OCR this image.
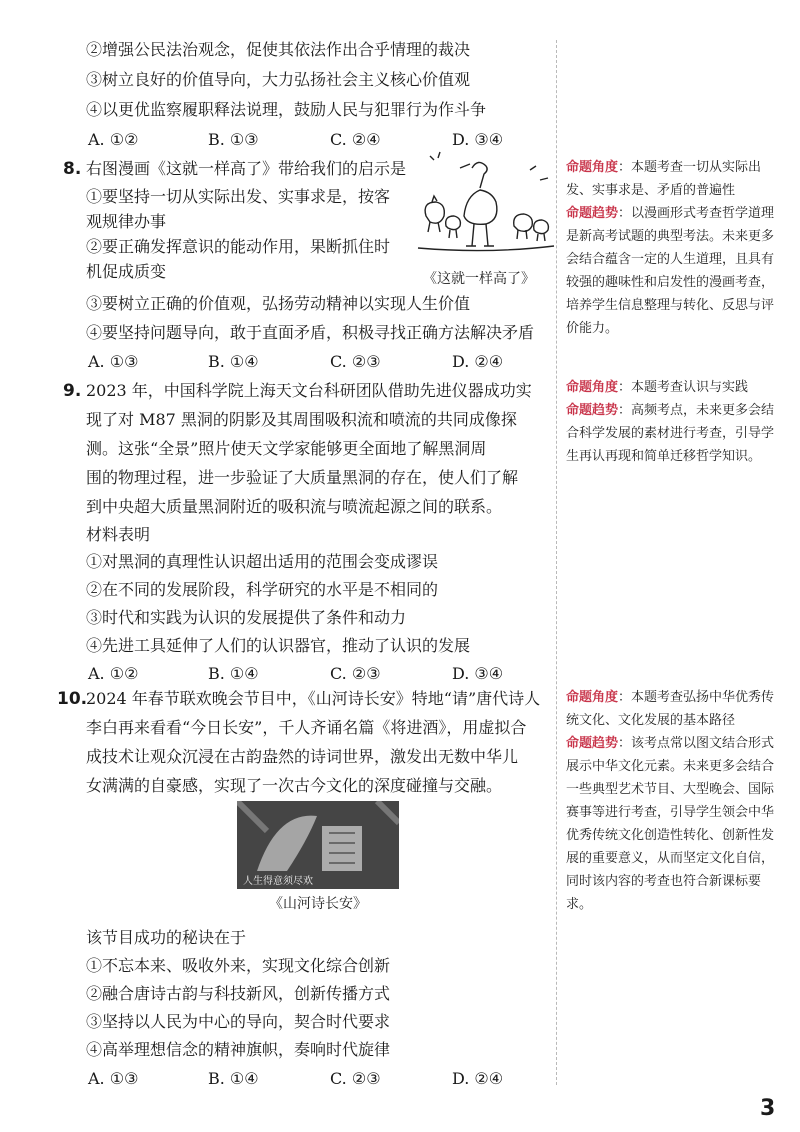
②增强公民法治观念，促使其依法作出合乎情理的裁决
③树立良好的价值导向，大力弘扬社会主义核心价值观
④以更优监察履职释法说理，鼓励人民与犯罪行为作斗争
A. ①②	B. ①③	C. ②④	D. ③④
8. 右图漫画《这就一样高了》带给我们的启示是
①要坚持一切从实际出发、实事求是，按客
观规律办事
②要正确发挥意识的能动作用，果断抓住时
机促成质变
③要树立正确的价值观，弘扬劳动精神以实现人生价值
④要坚持问题导向，敢于直面矛盾，积极寻找正确方法解决矛盾
A. ①③	B. ①④	C. ②③	D. ②④
《这就一样高了》
9. 2023 年，中国科学院上海天文台科研团队借助先进仪器成功实
现了对 M87 黑洞的阴影及其周围吸积流和喷流的共同成像探
测。这张“全景”照片使天文学家能够更全面地了解黑洞周
围的物理过程，进一步验证了大质量黑洞的存在，使人们了解
到中央超大质量黑洞附近的吸积流与喷流起源之间的联系。
材料表明
①对黑洞的真理性认识超出适用的范围会变成谬误
②在不同的发展阶段，科学研究的水平是不相同的
③时代和实践为认识的发展提供了条件和动力
④先进工具延伸了人们的认识器官，推动了认识的发展
A. ①②	B. ①④	C. ②③	D. ③④
10.
2024 年春节联欢晚会节目中，《山河诗长安》特地“请”唐代诗人
李白再来看看“今日长安”，千人齐诵名篇《将进酒》，用虚拟合
成技术让观众沉浸在古韵盎然的诗词世界，激发出无数中华儿
女满满的自豪感，实现了一次古今文化的深度碰撞与交融。
该节目成功的秘诀在于
①不忘本来、吸收外来，实现文化综合创新
②融合唐诗古韵与科技新风，创新传播方式
③坚持以人民为中心的导向，契合时代要求
④高举理想信念的精神旗帜，奏响时代旋律
A. ①③	B. ①④	C. ②③	D. ②④
人生得意须尽欢
《山河诗长安》

命题角度：本题考查一切从实际出发、实事求是、矛盾的普遍性

命题趋势：以漫画形式考查哲学道理是新高考试题的典型考法。未来更多会结合蕴含一定的人生道理，且具有较强的趣味性和启发性的漫画考查，培养学生信息整理与转化、反思与评价能力。

命题角度：本题考查认识与实践

命题趋势：高频考点，未来更多会结合科学发展的素材进行考查，引导学生再认再现和简单迁移哲学知识。

命题角度：本题考查弘扬中华优秀传统文化、文化发展的基本路径

命题趋势：该考点常以图文结合形式展示中华文化元素。未来更多会结合一些典型艺术节目、大型晚会、国际赛事等进行考查，引导学生领会中华优秀传统文化创造性转化、创新性发展的重要意义，从而坚定文化自信，同时该内容的考查也符合新课标要求。

3
